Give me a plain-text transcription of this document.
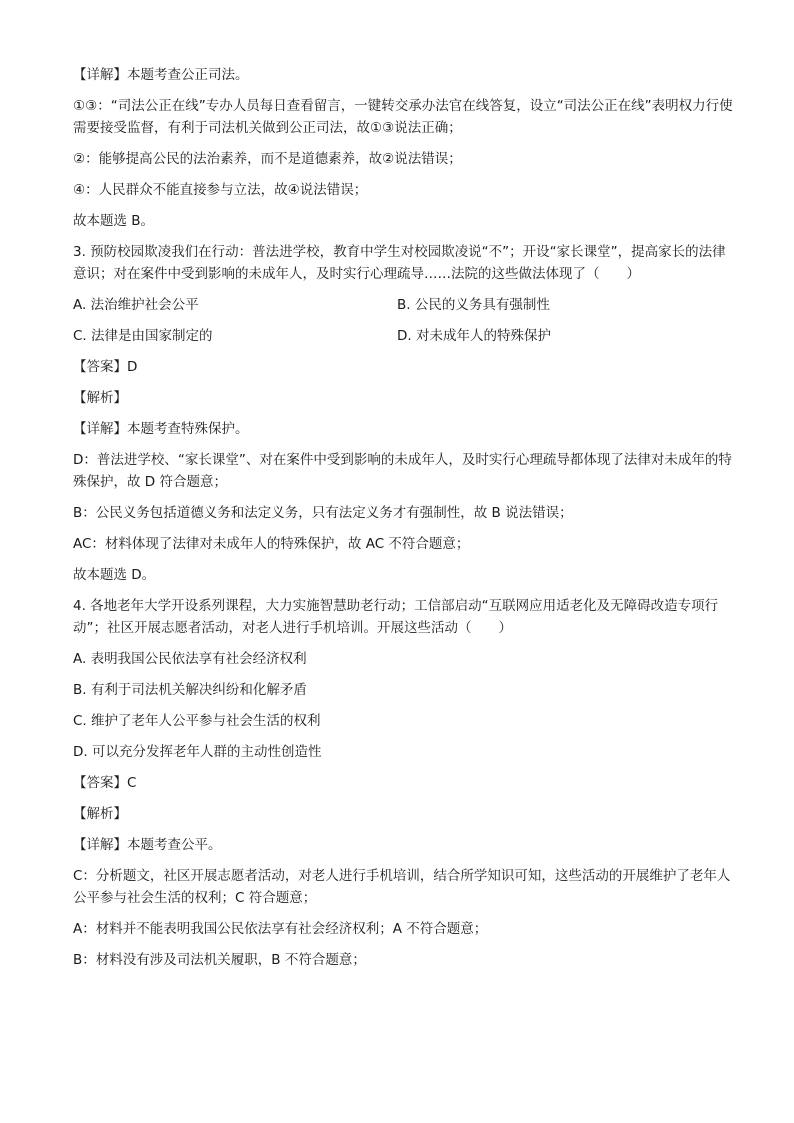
【详解】本题考查公正司法。

①③：“司法公正在线”专办人员每日查看留言，一键转交承办法官在线答复，设立“司法公正在线”表明权力行使需要接受监督，有利于司法机关做到公正司法，故①③说法正确；

②：能够提高公民的法治素养，而不是道德素养，故②说法错误；

④：人民群众不能直接参与立法，故④说法错误；

故本题选 B。

3. 预防校园欺凌我们在行动：普法进学校，教育中学生对校园欺凌说“不”；开设“家长课堂”，提高家长的法律意识；对在案件中受到影响的未成年人，及时实行心理疏导……法院的这些做法体现了（　　）

A. 法治维护社会公平	B. 公民的义务具有强制性
C. 法律是由国家制定的	D. 对未成年人的特殊保护

【答案】D

【解析】

【详解】本题考查特殊保护。

D：普法进学校、“家长课堂”、对在案件中受到影响的未成年人，及时实行心理疏导都体现了法律对未成年的特殊保护，故 D 符合题意；

B：公民义务包括道德义务和法定义务，只有法定义务才有强制性，故 B 说法错误；

AC：材料体现了法律对未成年人的特殊保护，故 AC 不符合题意；

故本题选 D。

4. 各地老年大学开设系列课程，大力实施智慧助老行动；工信部启动“互联网应用适老化及无障碍改造专项行动”；社区开展志愿者活动，对老人进行手机培训。开展这些活动（　　）

A. 表明我国公民依法享有社会经济权利

B. 有利于司法机关解决纠纷和化解矛盾

C. 维护了老年人公平参与社会生活的权利

D. 可以充分发挥老年人群的主动性创造性

【答案】C

【解析】

【详解】本题考查公平。

C：分析题文，社区开展志愿者活动，对老人进行手机培训，结合所学知识可知，这些活动的开展维护了老年人公平参与社会生活的权利；C 符合题意；

A：材料并不能表明我国公民依法享有社会经济权利；A 不符合题意；

B：材料没有涉及司法机关履职，B 不符合题意；
